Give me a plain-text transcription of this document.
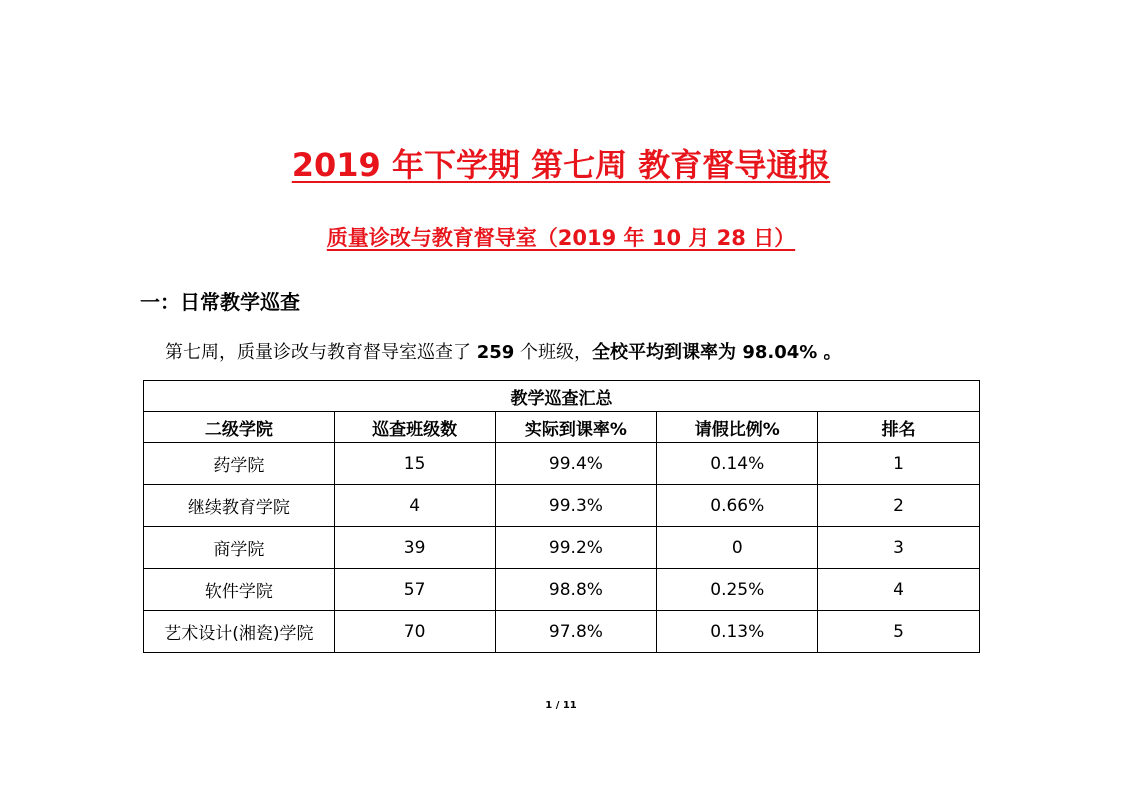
2019 年下学期 第七周 教育督导通报
质量诊改与教育督导室（2019 年 10 月 28 日）
一：日常教学巡查
第七周，质量诊改与教育督导室巡查了 259 个班级，全校平均到课率为 98.04% 。
教学巡查汇总				
二级学院	巡查班级数	实际到课率%	请假比例%	排名
药学院	15	99.4%	0.14%	1
继续教育学院	4	99.3%	0.66%	2
商学院	39	99.2%	0	3
软件学院	57	98.8%	0.25%	4
艺术设计(湘瓷)学院	70	97.8%	0.13%	5
1 / 11
